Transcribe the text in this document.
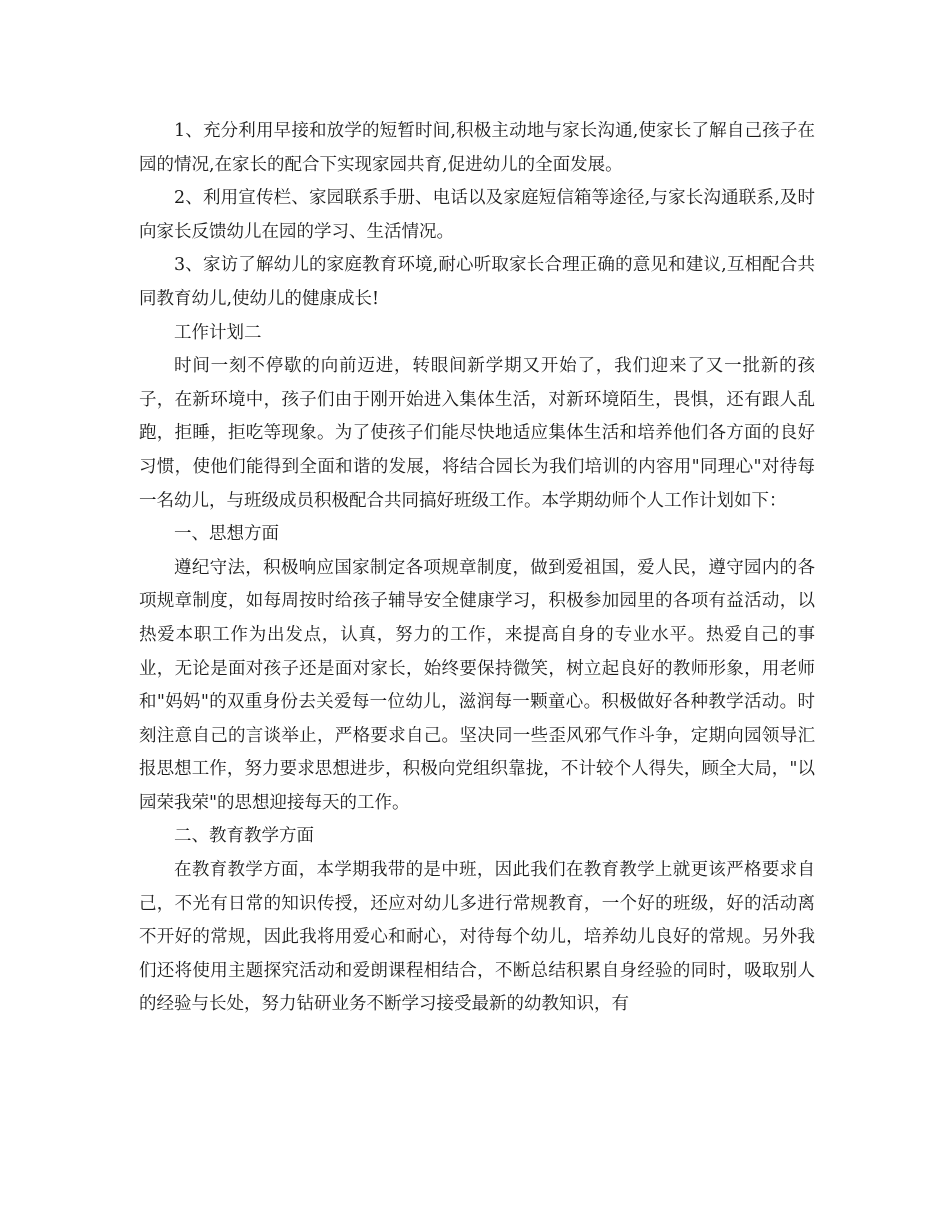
1、充分利用早接和放学的短暂时间,积极主动地与家长沟通,使家长了解自己孩子在园的情况,在家长的配合下实现家园共育,促进幼儿的全面发展。

2、利用宣传栏、家园联系手册、电话以及家庭短信箱等途径,与家长沟通联系,及时向家长反馈幼儿在园的学习、生活情况。

3、家访了解幼儿的家庭教育环境,耐心听取家长合理正确的意见和建议,互相配合共同教育幼儿,使幼儿的健康成长!

工作计划二

时间一刻不停歇的向前迈进，转眼间新学期又开始了，我们迎来了又一批新的孩子，在新环境中，孩子们由于刚开始进入集体生活，对新环境陌生，畏惧，还有跟人乱跑，拒睡，拒吃等现象。为了使孩子们能尽快地适应集体生活和培养他们各方面的良好习惯，使他们能得到全面和谐的发展，将结合园长为我们培训的内容用"同理心"对待每一名幼儿，与班级成员积极配合共同搞好班级工作。本学期幼师个人工作计划如下：

一、思想方面

遵纪守法，积极响应国家制定各项规章制度，做到爱祖国，爱人民，遵守园内的各项规章制度，如每周按时给孩子辅导安全健康学习，积极参加园里的各项有益活动，以热爱本职工作为出发点，认真，努力的工作，来提高自身的专业水平。热爱自己的事业，无论是面对孩子还是面对家长，始终要保持微笑，树立起良好的教师形象，用老师和"妈妈"的双重身份去关爱每一位幼儿，滋润每一颗童心。积极做好各种教学活动。时刻注意自己的言谈举止，严格要求自己。坚决同一些歪风邪气作斗争，定期向园领导汇报思想工作，努力要求思想进步，积极向党组织靠拢，不计较个人得失，顾全大局，"以园荣我荣"的思想迎接每天的工作。

二、教育教学方面

在教育教学方面，本学期我带的是中班，因此我们在教育教学上就更该严格要求自己，不光有日常的知识传授，还应对幼儿多进行常规教育，一个好的班级，好的活动离不开好的常规，因此我将用爱心和耐心，对待每个幼儿，培养幼儿良好的常规。另外我们还将使用主题探究活动和爱朗课程相结合，不断总结积累自身经验的同时，吸取别人的经验与长处，努力钻研业务不断学习接受最新的幼教知识，有
